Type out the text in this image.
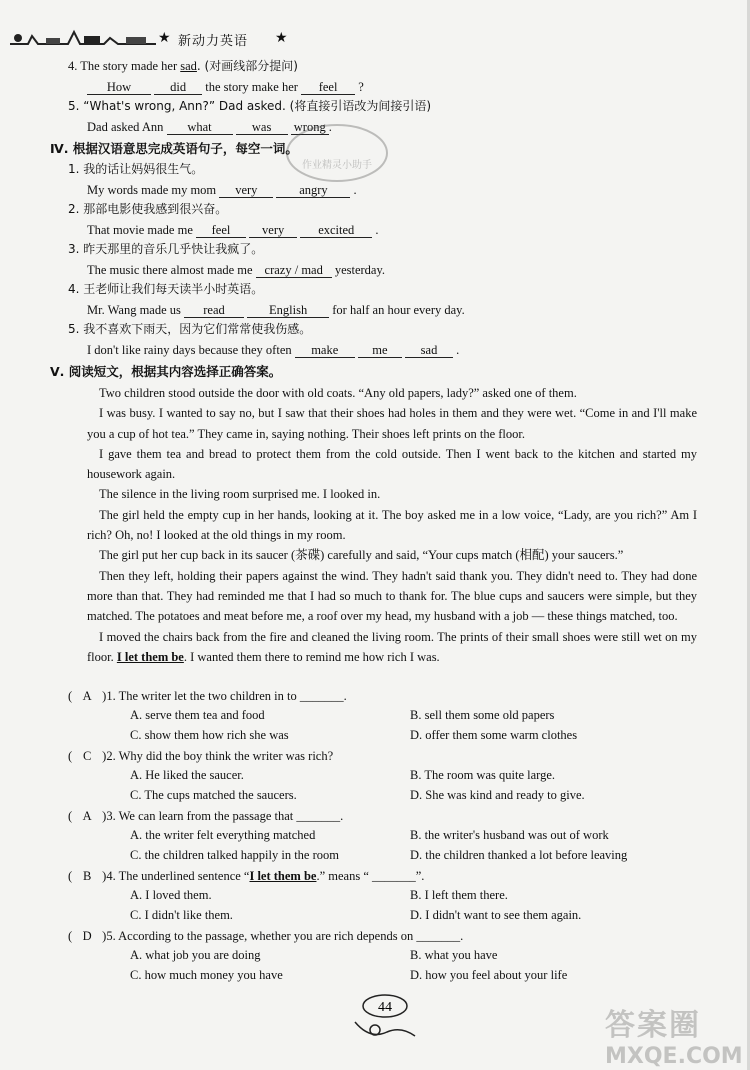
★ 新动力英语 ★
4. The story made her sad. (对画线部分提问)
How	did the story make her feel ?
5. “What's wrong, Ann?” Dad asked. (将直接引语改为间接引语)
Dad asked Ann what	was wrong .
作业精灵小助手
Ⅳ. 根据汉语意思完成英语句子，每空一词。
1. 我的话让妈妈很生气。
My words made my mom very	angry .
2. 那部电影使我感到很兴奋。
That movie made me feel	very	excited .
3. 昨天那里的音乐几乎快让我疯了。
The music there almost made me crazy / mad yesterday.
4. 王老师让我们每天读半小时英语。
Mr. Wang made us read	English for half an hour every day.
5. 我不喜欢下雨天，因为它们常常使我伤感。
I don't like rainy days because they often make	me	sad .
Ⅴ. 阅读短文，根据其内容选择正确答案。

Two children stood outside the door with old coats. “Any old papers, lady?” asked one of them.

I was busy. I wanted to say no, but I saw that their shoes had holes in them and they were wet. “Come in and I'll make you a cup of hot tea.” They came in, saying nothing. Their shoes left prints on the floor.

I gave them tea and bread to protect them from the cold outside. Then I went back to the kitchen and started my housework again.

The silence in the living room surprised me. I looked in.

The girl held the empty cup in her hands, looking at it. The boy asked me in a low voice, “Lady, are you rich?” Am I rich? Oh, no! I looked at the old things in my room.

The girl put her cup back in its saucer (茶碟) carefully and said, “Your cups match (相配) your saucers.”

Then they left, holding their papers against the wind. They hadn't said thank you. They didn't need to. They had done more than that. They had reminded me that I had so much to thank for. The blue cups and saucers were simple, but they matched. The potatoes and meat before me, a roof over my head, my husband with a job — these things matched, too.

I moved the chairs back from the fire and cleaned the living room. The prints of their small shoes were still wet on my floor. I let them be. I wanted them there to remind me how rich I was.

( A )1. The writer let the two children in to _______.
A. serve them tea and food	B. sell them some old papers
C. show them how rich she was	D. offer them some warm clothes
( C )2. Why did the boy think the writer was rich?
A. He liked the saucer.	B. The room was quite large.
C. The cups matched the saucers.	D. She was kind and ready to give.
( A )3. We can learn from the passage that _______.
A. the writer felt everything matched	B. the writer's husband was out of work
C. the children talked happily in the room	D. the children thanked a lot before leaving
( B )4. The underlined sentence “I let them be.” means “ _______”.
A. I loved them.	B. I left them there.
C. I didn't like them.	D. I didn't want to see them again.
( D )5. According to the passage, whether you are rich depends on _______.
A. what job you are doing	B. what you have
C. how much money you have	D. how you feel about your life
44
答案圈
MXQE.COM
